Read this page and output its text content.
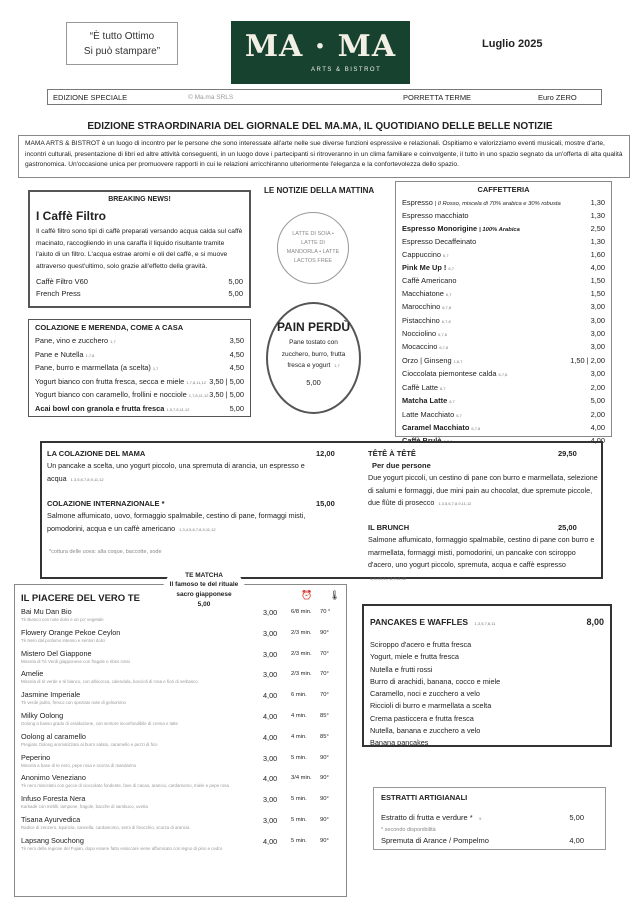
“È tutto Ottimo
Si può stampare”	MA · MA
ARTS & BISTROT
Luglio 2025
EDIZIONE SPECIALE	© Ma.ma SRLS	PORRETTA TERME	Euro ZERO
EDIZIONE STRAORDINARIA DEL GIORNALE DEL MA.MA, IL QUOTIDIANO DELLE BELLE NOTIZIE
MAMA ARTS & BISTROT è un luogo di incontro per le persone che sono interessate all'arte nelle sue diverse funzioni espressive e relazionali. Ospitiamo e valorizziamo eventi musicali, mostre d'arte, incontri culturali, presentazione di libri ed altre attività conseguenti, in un luogo dove i partecipanti si ritroveranno in un clima familiare e coinvolgente, il tutto in uno spazio segnato da un'offerta di alta qualità gastronomica. Un'occasione unica per promuovere rapporti in cui le relazioni arricchiranno ulteriormente l'eleganza e la confortevolezza dello spazio.
BREAKING NEWS!
I Caffè Filtro
Il caffè filtro sono tipi di caffè preparati versando acqua calda sul caffè macinato, raccogliendo in una caraffa il liquido risultante tramite l'aiuto di un filtro. L'acqua estrae aromi e oli del caffè, e si muove attraverso quest'ultimo, solo grazie all'effetto della gravità.
Caffè Filtro V60	5,00
French Press	5,00
COLAZIONE E MERENDA, COME A CASA
Pane, vino e zucchero 1,7	3,50
Pane e Nutella 1,7,8	4,50
Pane, burro e marmellata (a scelta) 1,7	4,50
Yogurt bianco con frutta fresca, secca e miele 1,7,8,11,12 3,50 | 5,00
Yogurt bianco con caramello, frollini e nocciole 1,7,8,11,12 3,50 | 5,00
Acai bowl con granola e frutta fresca 1,5,7,8,11,12	5,00
LE NOTIZIE DELLA MATTINA
LATTE DI SOIA • LATTE DI MANDORLA • LATTE LACTOS FREE
PAIN PERDÙ
Pane tostato con zucchero, burro, frutta fresca e yogurt 1,7
5,00
CAFFETTERIA
Espresso | Il Rosso, miscela di 70% arabica e 30% robusta	1,30
Espresso macchiato	1,30
Espresso Monorigine | 100% Arabica	2,50
Espresso Decaffeinato	1,30
Cappuccino 6,7	1,60
Pink Me Up ! 6,7	4,00
Caffè Americano	1,50
Macchiatone 6,7	1,50
Marocchino 6,7,8	3,00
Pistacchino 6,7,8	3,00
Nocciolino 6,7,8	3,00
Mocaccino 6,7,8	3,00
Orzo | Ginseng 1,6,7	1,50 | 2,00
Cioccolata piemontese calda 6,7,8	3,00
Caffè Latte 6,7	2,00
Matcha Latte 6,7	5,00
Latte Macchiato 6,7	2,00
Caramel Macchiato 6,7,8	4,00
Caffè Brulè 6,7,8	4,00
LA COLAZIONE DEL MAMA	12,00
Un pancake a scelta, uno yogurt piccolo, una spremuta di arancia, un espresso e acqua 1,3,5,6,7,8,9,11,12
COLAZIONE INTERNAZIONALE *	15,00
Salmone affumicato, uovo, formaggio spalmabile, cestino di pane, formaggi misti, pomodorini, acqua e un caffè americano 1,3,4,5,6,7,8,9,11,12
*cottura delle uova: alla coque, baccotte, sode
TÊTÊ À TÊTÊ	29,50
Per due persone
Due yogurt piccoli, un cestino di pane con burro e marmellata, selezione di salumi e formaggi, due mini pain au chocolat, due spremute piccole, due flûte di prosecco 1,3,5,6,7,8,9,11,12
IL BRUNCH	25,00
Salmone affumicato, formaggio spalmabile, cestino di pane con burro e marmellata, formaggi misti, pomodorini, un pancake con sciroppo d'acero, uno yogurt piccolo, spremuta, acqua e caffè espresso 1,3,4,5,6,7,8,9,11,12
IL PIACERE DEL VERO TE	⏰ 🌡
Bai Mu Dan Bio
Tè Bianco con note dolci e un po' vegetale
3,00 6/8 min. 70 °
Flowery Orange Pekoe Ceylon
Tè Nero dal profumo intenso e sentori dolci
3,00 2/3 min. 90°
Mistero Del Giappone
Miscela di Tè Verdi giapponese con fragole e ribes rossi
3,00 2/3 min. 70°
Amelie
Miscela di tè verde e tè bianco, con albicocca, calendula, boccioli di rosa e fiori di verbasco
3,00 2/3 min. 70°
Jasmine Imperiale
Tè verde pulito, fresco con speziato note di gelsomino
4,00 6 min. 70°
Milky Oolong
Oolong a basso grado di ossidazione, con sentore inconfondibile di crema e latte
4,00 4 min. 85°
Oolong al caramello
Pregiato Oolong aromatizzato al burro salato, caramello e pezzi di fico
4,00 4 min. 85°
Peperino
Miscela a base di te nero, pepe rosa e scorza di mandarino
3,00 5 min. 90°
Anonimo Veneziano
Tè nero miscelato con gocce di cioccolato fondente, fave di cacao, arancio, cardamomo, miele e pepe rosa
4,00 3/4 min. 90°
Infuso Foresta Nera
Karkadè con mirtilli, lampone, fragole, bacche di sambuco, uvetta
3,00 5 min. 90°
Tisana Ayurvedica
Radice di zenzero, liquirizia, cannella, cardamomo, semi di finocchio, scorza di arancia
3,00 5 min. 90°
Lapsang Souchong
Tè nero della regione del Fujian, dopo essere fatto essiccare viene affumicato con legno di pino e cedro
4,00 5 min. 90°
TE MATCHA
Il famoso te del rituale sacro giapponese
5,00
PANCAKES E WAFFLES 1,3,5,7,8,11	8,00
Sciroppo d'acero e frutta fresca
Yogurt, miele e frutta fresca
Nutella e frutti rossi
Burro di arachidi, banana, cocco e miele
Caramello, noci e zucchero a velo
Riccioli di burro e marmellata a scelta
Crema pasticcera e frutta fresca
Nutella, banana e zucchero a velo
Banana pancakes
ESTRATTI ARTIGIANALI
Estratto di frutta e verdure * 9	5,00
* secondo disponibilità
Spremuta di Arance / Pompelmo	4,00
